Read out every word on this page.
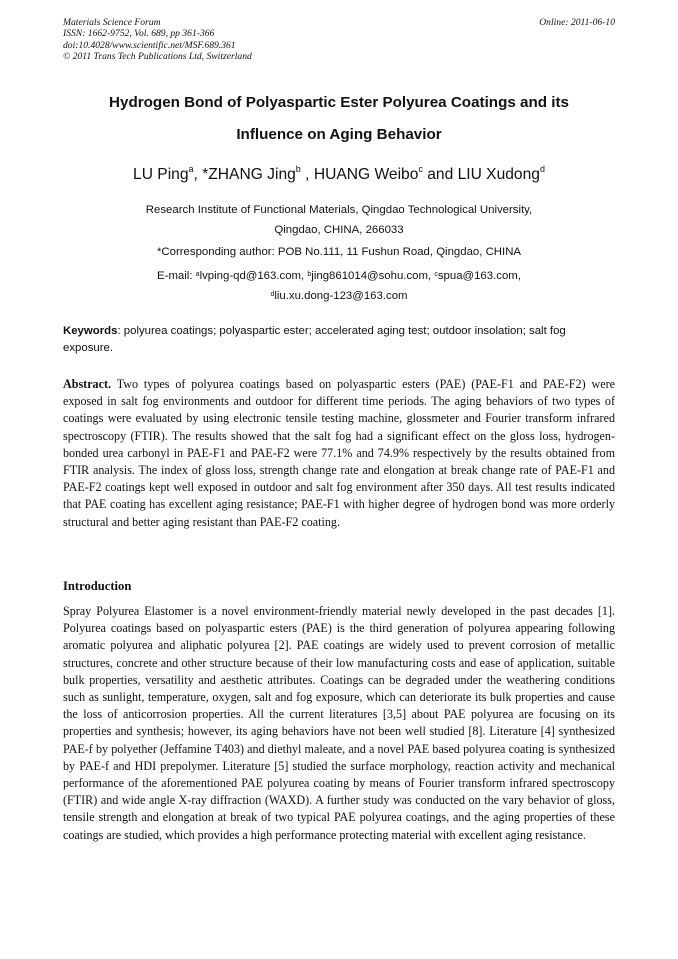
Materials Science Forum
ISSN: 1662-9752, Vol. 689, pp 361-366
doi:10.4028/www.scientific.net/MSF.689.361
© 2011 Trans Tech Publications Ltd, Switzerland
Online: 2011-06-10
Hydrogen Bond of Polyaspartic Ester Polyurea Coatings and its
Influence on Aging Behavior
LU Ping$^a$, *ZHANG Jing$^b$ , HUANG Weibo$^c$ and LIU Xudong$^d$
Research Institute of Functional Materials, Qingdao Technological University,
Qingdao, CHINA, 266033
*Corresponding author: POB No.111, 11 Fushun Road, Qingdao, CHINA
E-mail: $^a$lvping-qd@163.com, $^b$jing861014@sohu.com, $^c$spua@163.com,
$^d$liu.xu.dong-123@163.com
Keywords: polyurea coatings; polyaspartic ester; accelerated aging test; outdoor insolation; salt fog exposure.
Abstract. Two types of polyurea coatings based on polyaspartic esters (PAE) (PAE-F1 and PAE-F2) were exposed in salt fog environments and outdoor for different time periods. The aging behaviors of two types of coatings were evaluated by using electronic tensile testing machine, glossmeter and Fourier transform infrared spectroscopy (FTIR). The results showed that the salt fog had a significant effect on the gloss loss, hydrogen-bonded urea carbonyl in PAE-F1 and PAE-F2 were 77.1% and 74.9% respectively by the results obtained from FTIR analysis. The index of gloss loss, strength change rate and elongation at break change rate of PAE-F1 and PAE-F2 coatings kept well exposed in outdoor and salt fog environment after 350 days. All test results indicated that PAE coating has excellent aging resistance; PAE-F1 with higher degree of hydrogen bond was more orderly structural and better aging resistant than PAE-F2 coating.
Introduction
Spray Polyurea Elastomer is a novel environment-friendly material newly developed in the past decades [1]. Polyurea coatings based on polyaspartic esters (PAE) is the third generation of polyurea appearing following aromatic polyurea and aliphatic polyurea [2]. PAE coatings are widely used to prevent corrosion of metallic structures, concrete and other structure because of their low manufacturing costs and ease of application, suitable bulk properties, versatility and aesthetic attributes. Coatings can be degraded under the weathering conditions such as sunlight, temperature, oxygen, salt and fog exposure, which can deteriorate its bulk properties and cause the loss of anticorrosion properties. All the current literatures [3,5] about PAE polyurea are focusing on its properties and synthesis; however, its aging behaviors have not been well studied [8]. Literature [4] synthesized PAE-f by polyether (Jeffamine T403) and diethyl maleate, and a novel PAE based polyurea coating is synthesized by PAE-f and HDI prepolymer. Literature [5] studied the surface morphology, reaction activity and mechanical performance of the aforementioned PAE polyurea coating by means of Fourier transform infrared spectroscopy (FTIR) and wide angle X-ray diffraction (WAXD). A further study was conducted on the vary behavior of gloss, tensile strength and elongation at break of two typical PAE polyurea coatings, and the aging properties of these coatings are studied, which provides a high performance protecting material with excellent aging resistance.
